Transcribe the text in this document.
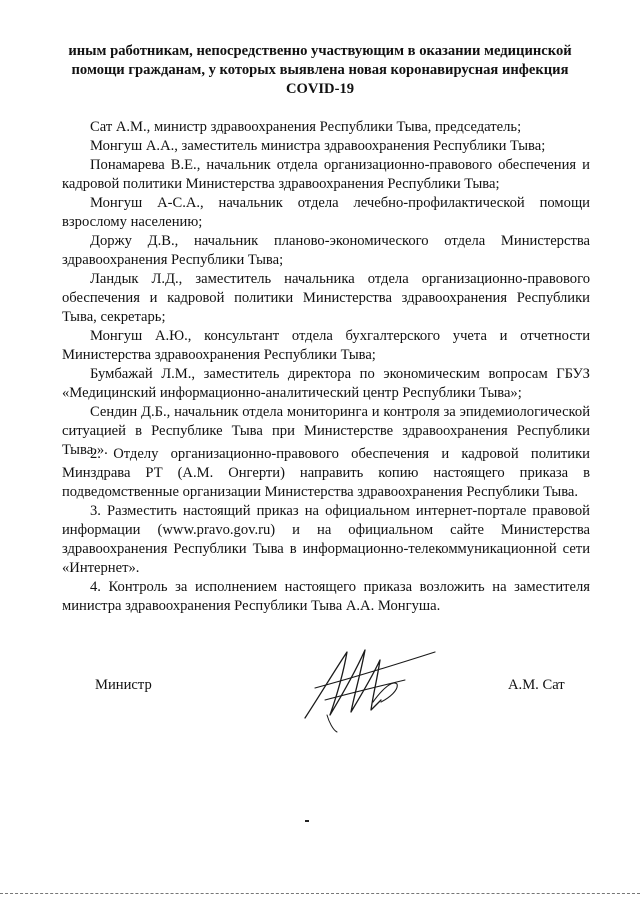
иным работникам, непосредственно участвующим в оказании медицинской
помощи гражданам, у которых выявлена новая коронавирусная инфекция
COVID-19

Сат А.М., министр здравоохранения Республики Тыва, председатель;

Монгуш А.А., заместитель министра здравоохранения Республики Тыва;

Понамарева В.Е., начальник отдела организационно-правового обеспечения и кадровой политики Министерства здравоохранения Республики Тыва;

Монгуш А-С.А., начальник отдела лечебно-профилактической помощи взрослому населению;

Доржу Д.В., начальник планово-экономического отдела Министерства здравоохранения Республики Тыва;

Ландык Л.Д., заместитель начальника отдела организационно-правового обеспечения и кадровой политики Министерства здравоохранения Республики Тыва, секретарь;

Монгуш А.Ю., консультант отдела бухгалтерского учета и отчетности Министерства здравоохранения Республики Тыва;

Бумбажай Л.М., заместитель директора по экономическим вопросам ГБУЗ «Медицинский информационно-аналитический центр Республики Тыва»;

Сендин Д.Б., начальник отдела мониторинга и контроля за эпидемиологической ситуацией в Республике Тыва при Министерстве здравоохранения Республики Тыва.».

2. Отделу организационно-правового обеспечения и кадровой политики Минздрава РТ (А.М. Онгерти) направить копию настоящего приказа в подведомственные организации Министерства здравоохранения Республики Тыва.

3. Разместить настоящий приказ на официальном интернет-портале правовой информации (www.pravo.gov.ru) и на официальном сайте Министерства здравоохранения Республики Тыва в информационно-телекоммуникационной сети «Интернет».

4. Контроль за исполнением настоящего приказа возложить на заместителя министра здравоохранения Республики Тыва А.А. Монгуша.

Министр	А.М. Сат
